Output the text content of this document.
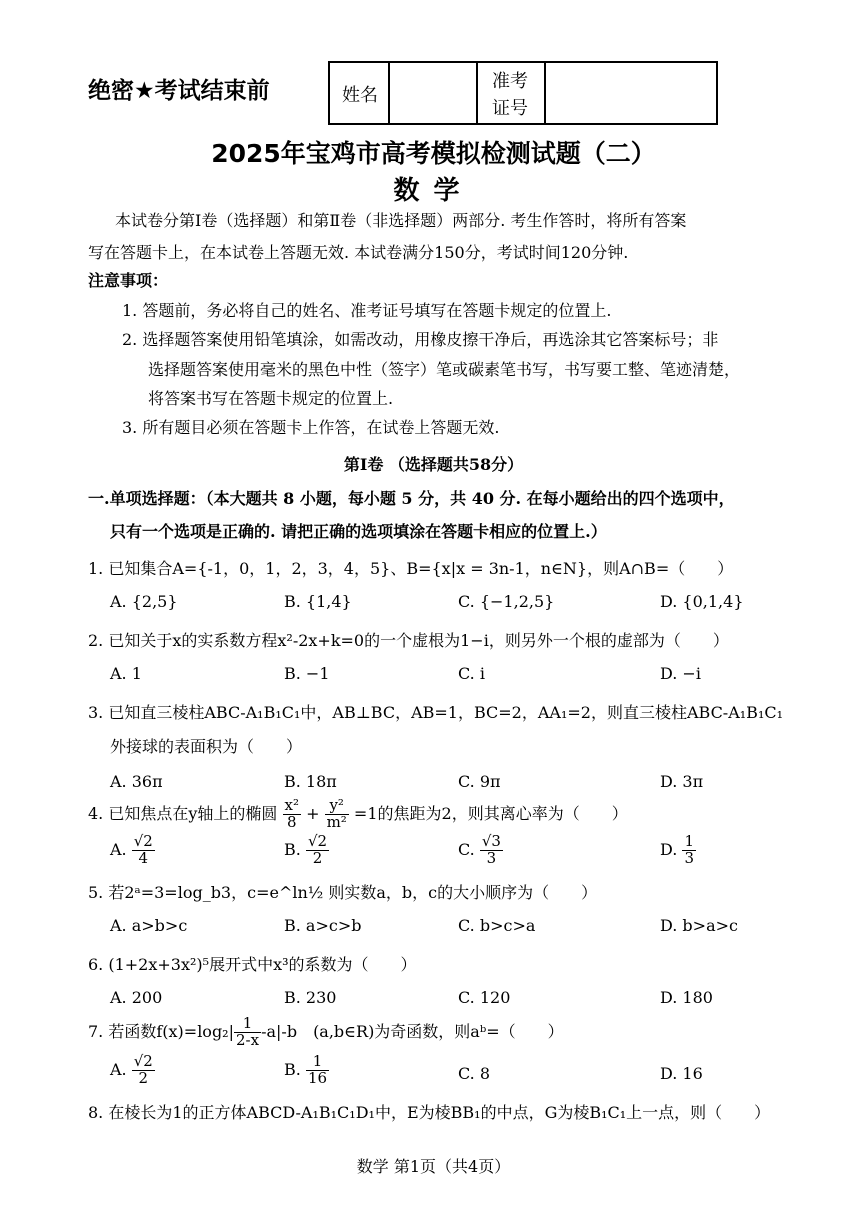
绝密★考试结束前	姓名
准考
证号
2025年宝鸡市高考模拟检测试题（二）
数学
本试卷分第Ⅰ卷（选择题）和第Ⅱ卷（非选择题）两部分. 考生作答时，将所有答案
写在答题卡上，在本试卷上答题无效. 本试卷满分150分，考试时间120分钟.
注意事项：
1. 答题前，务必将自己的姓名、准考证号填写在答题卡规定的位置上.
2. 选择题答案使用铅笔填涂，如需改动，用橡皮擦干净后，再选涂其它答案标号；非
选择题答案使用毫米的黑色中性（签字）笔或碳素笔书写，书写要工整、笔迹清楚，
将答案书写在答题卡规定的位置上.
3. 所有题目必须在答题卡上作答，在试卷上答题无效.
第Ⅰ卷 （选择题共58分）
一.单项选择题：（本大题共 8 小题，每小题 5 分，共 40 分. 在每小题给出的四个选项中，
只有一个选项是正确的. 请把正确的选项填涂在答题卡相应的位置上.）
1. 已知集合A={-1，0，1，2，3，4，5}、B={x|x = 3n-1，n∈N}，则A∩B=（　　）
A. {2,5}	B. {1,4}	C. {−1,2,5}	D. {0,1,4}
2. 已知关于x的实系数方程x²-2x+k=0的一个虚根为1−i，则另外一个根的虚部为（　　）
A. 1	B. −1	C. i	D. −i
3. 已知直三棱柱ABC-A₁B₁C₁中，AB⊥BC，AB=1，BC=2，AA₁=2，则直三棱柱ABC-A₁B₁C₁
外接球的表面积为（　　）
A. 36π	B. 18π	C. 9π	D. 3π
4. 已知焦点在y轴上的椭圆 $\frac{\text{x²}}{8} + \frac{\text{y²}}{\text{m²}} =1$的焦距为2，则其离心率为（　　）
A. $\frac{√2}{4}$	B. $\frac{√2}{2}$	C. $\frac{√3}{3}$	D. $\frac{1}{3}$
5. 若2ᵃ=3=log_b3，c=e^ln½ 则实数a，b，c的大小顺序为（　　）
A. a>b>c	B. a>c>b	C. b>c>a	D. b>a>c
6. (1+2x+3x²)⁵展开式中x³的系数为（　　）
A. 200	B. 230	C. 120	D. 180
7. 若函数$f(x)=\log_2| \frac{1}{2-x} -a|-b$　(a,b∈R)为奇函数，则aᵇ=（　　）
A. $\frac{√2}{2}$	B. $\frac{1}{16}$	C. 8	D. 16
8. 在棱长为1的正方体ABCD-A₁B₁C₁D₁中，E为棱BB₁的中点，G为棱B₁C₁上一点，则（　　）
数学 第1页（共4页）
